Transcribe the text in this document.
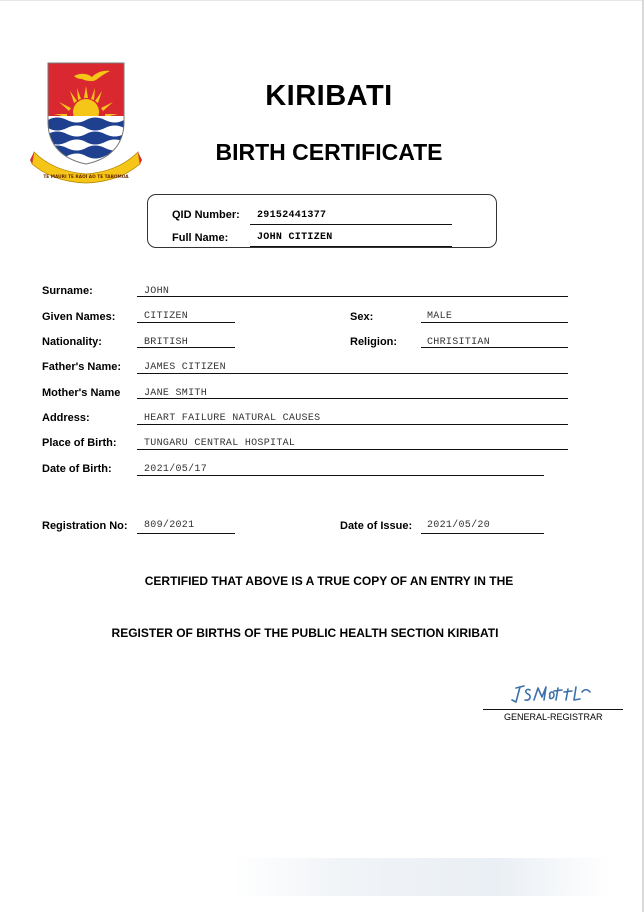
TE MAURI TE RAOI AO TE TABOMOA
KIRIBATI
BIRTH CERTIFICATE
QID Number: 29152441377
Full Name:	JOHN CITIZEN
Surname:	JOHN
Given Names:	CITIZEN	Sex:	MALE
Nationality:	BRITISH	Religion:	CHRISITIAN
Father's Name: JAMES CITIZEN
Mother's Name JANE SMITH
Address:	HEART FAILURE NATURAL CAUSES
Place of Birth:	TUNGARU CENTRAL HOSPITAL
Date of Birth:	2021/05/17
Registration No: 809/2021	Date of Issue: 2021/05/20
CERTIFIED THAT ABOVE IS A TRUE COPY OF AN ENTRY IN THE
REGISTER OF BIRTHS OF THE PUBLIC HEALTH SECTION KIRIBATI
GENERAL-REGISTRAR
